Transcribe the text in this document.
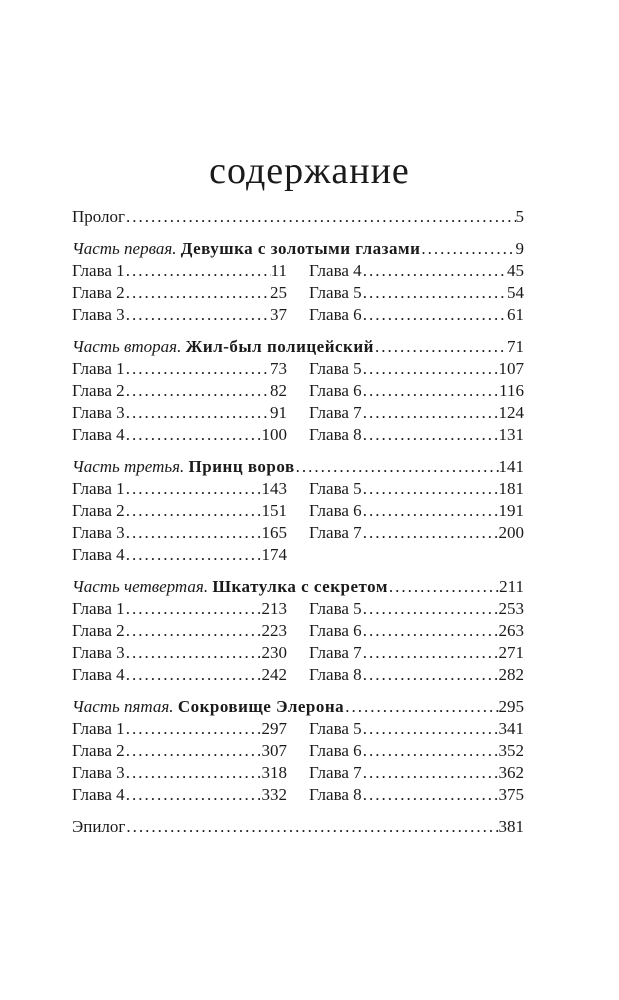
содержание
Пролог .....	5
Часть первая. Девушка с золотыми глазами .....	9
Глава 1 .....	11
Глава 2 .....	25
Глава 3 .....	37
Глава 4 .....	45
Глава 5 .....	54
Глава 6 .....	61
Часть вторая. Жил-был полицейский .....	71
Глава 1 .....	73
Глава 2 .....	82
Глава 3 .....	91
Глава 4 .....	100
Глава 5 .....	107
Глава 6 .....	116
Глава 7 .....	124
Глава 8 .....	131
Часть третья. Принц воров .....	141
Глава 1 .....	143
Глава 2 .....	151
Глава 3 .....	165
Глава 4 .....	174
Глава 5 .....	181
Глава 6 .....	191
Глава 7 .....	200
Часть четвертая. Шкатулка с секретом .....	211
Глава 1 .....	213
Глава 2 .....	223
Глава 3 .....	230
Глава 4 .....	242
Глава 5 .....	253
Глава 6 .....	263
Глава 7 .....	271
Глава 8 .....	282
Часть пятая. Сокровище Элерона .....	295
Глава 1 .....	297
Глава 2 .....	307
Глава 3 .....	318
Глава 4 .....	332
Глава 5 .....	341
Глава 6 .....	352
Глава 7 .....	362
Глава 8 .....	375
Эпилог .....	381
